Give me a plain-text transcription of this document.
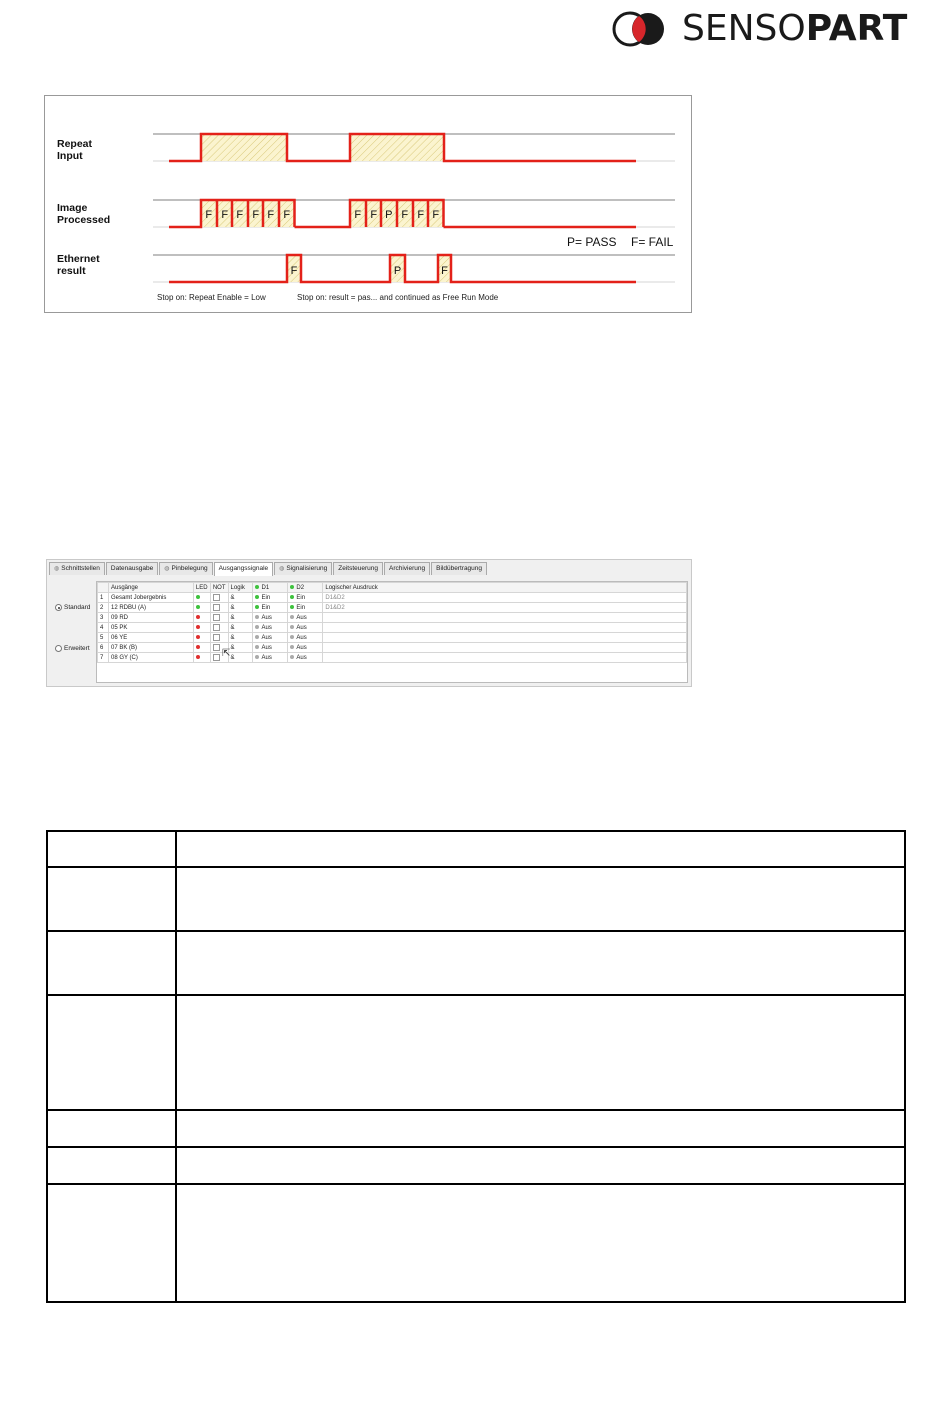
SENSOPART
F F F F F F	F F P F F F
F	P	F
Repeat
Input
Image
Processed
Ethernet
result
P= PASS F= FAIL
Stop on: Repeat Enable = Low	Stop on: result = pas... and continued as Free Run Mode
◍ Schnittstellen	Datenausgabe	◍ Pinbelegung	Ausgangssignale	◍ Signalisierung	Zeitsteuerung	Archivierung	Bildübertragung
Standard
Erweitert
	Ausgänge	LED	NOT	Logik	D1	D2	Logischer Ausdruck
1	Gesamt Jobergebnis			&	Ein	Ein	D1&D2
2	12 RDBU (A)			&	Ein	Ein	D1&D2
3	09 RD			&	Aus	Aus	
4	05 PK			&	Aus	Aus	
5	06 YE			&	Aus	Aus	
6	07 BK (B)			&	Aus	Aus	
7	08 GY (C)			&	Aus	Aus	
⇱
